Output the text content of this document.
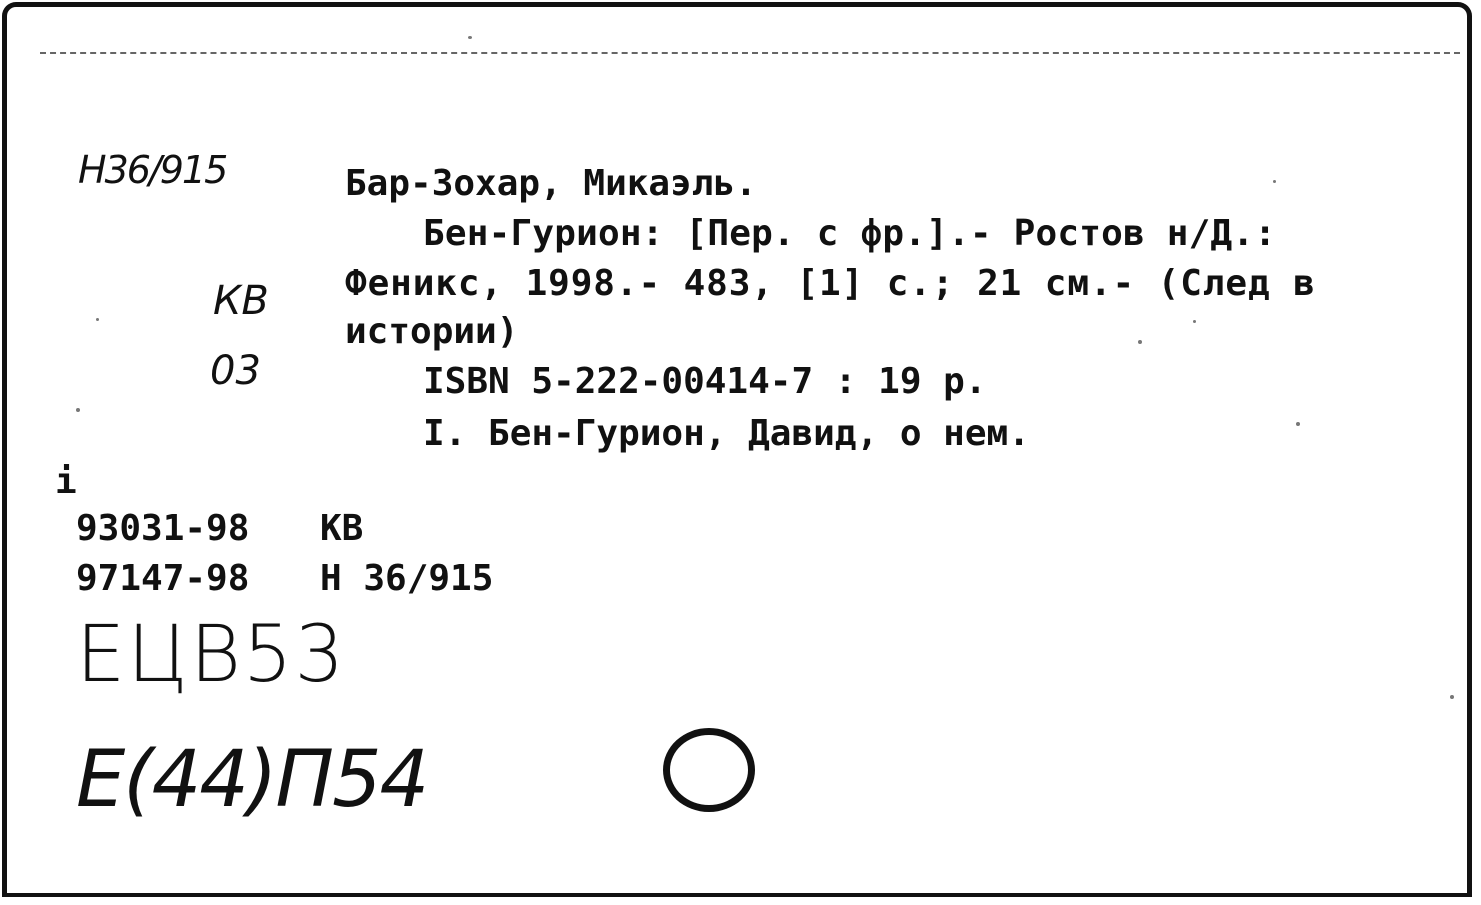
Н36/915
КВ
03
Бар-Зохар, Микаэль.
Бен-Гурион: [Пер. с фр.].- Ростов н/Д.:
Феникс, 1998.- 483, [1] с.; 21 см.- (След в
истории)
ISBN 5-222-00414-7 : 19 р.
I. Бен-Гурион, Давид, о нем.
i
93031-98 КВ
97147-98 Н 36/915
ЕЦВ53
Е(44)П54
